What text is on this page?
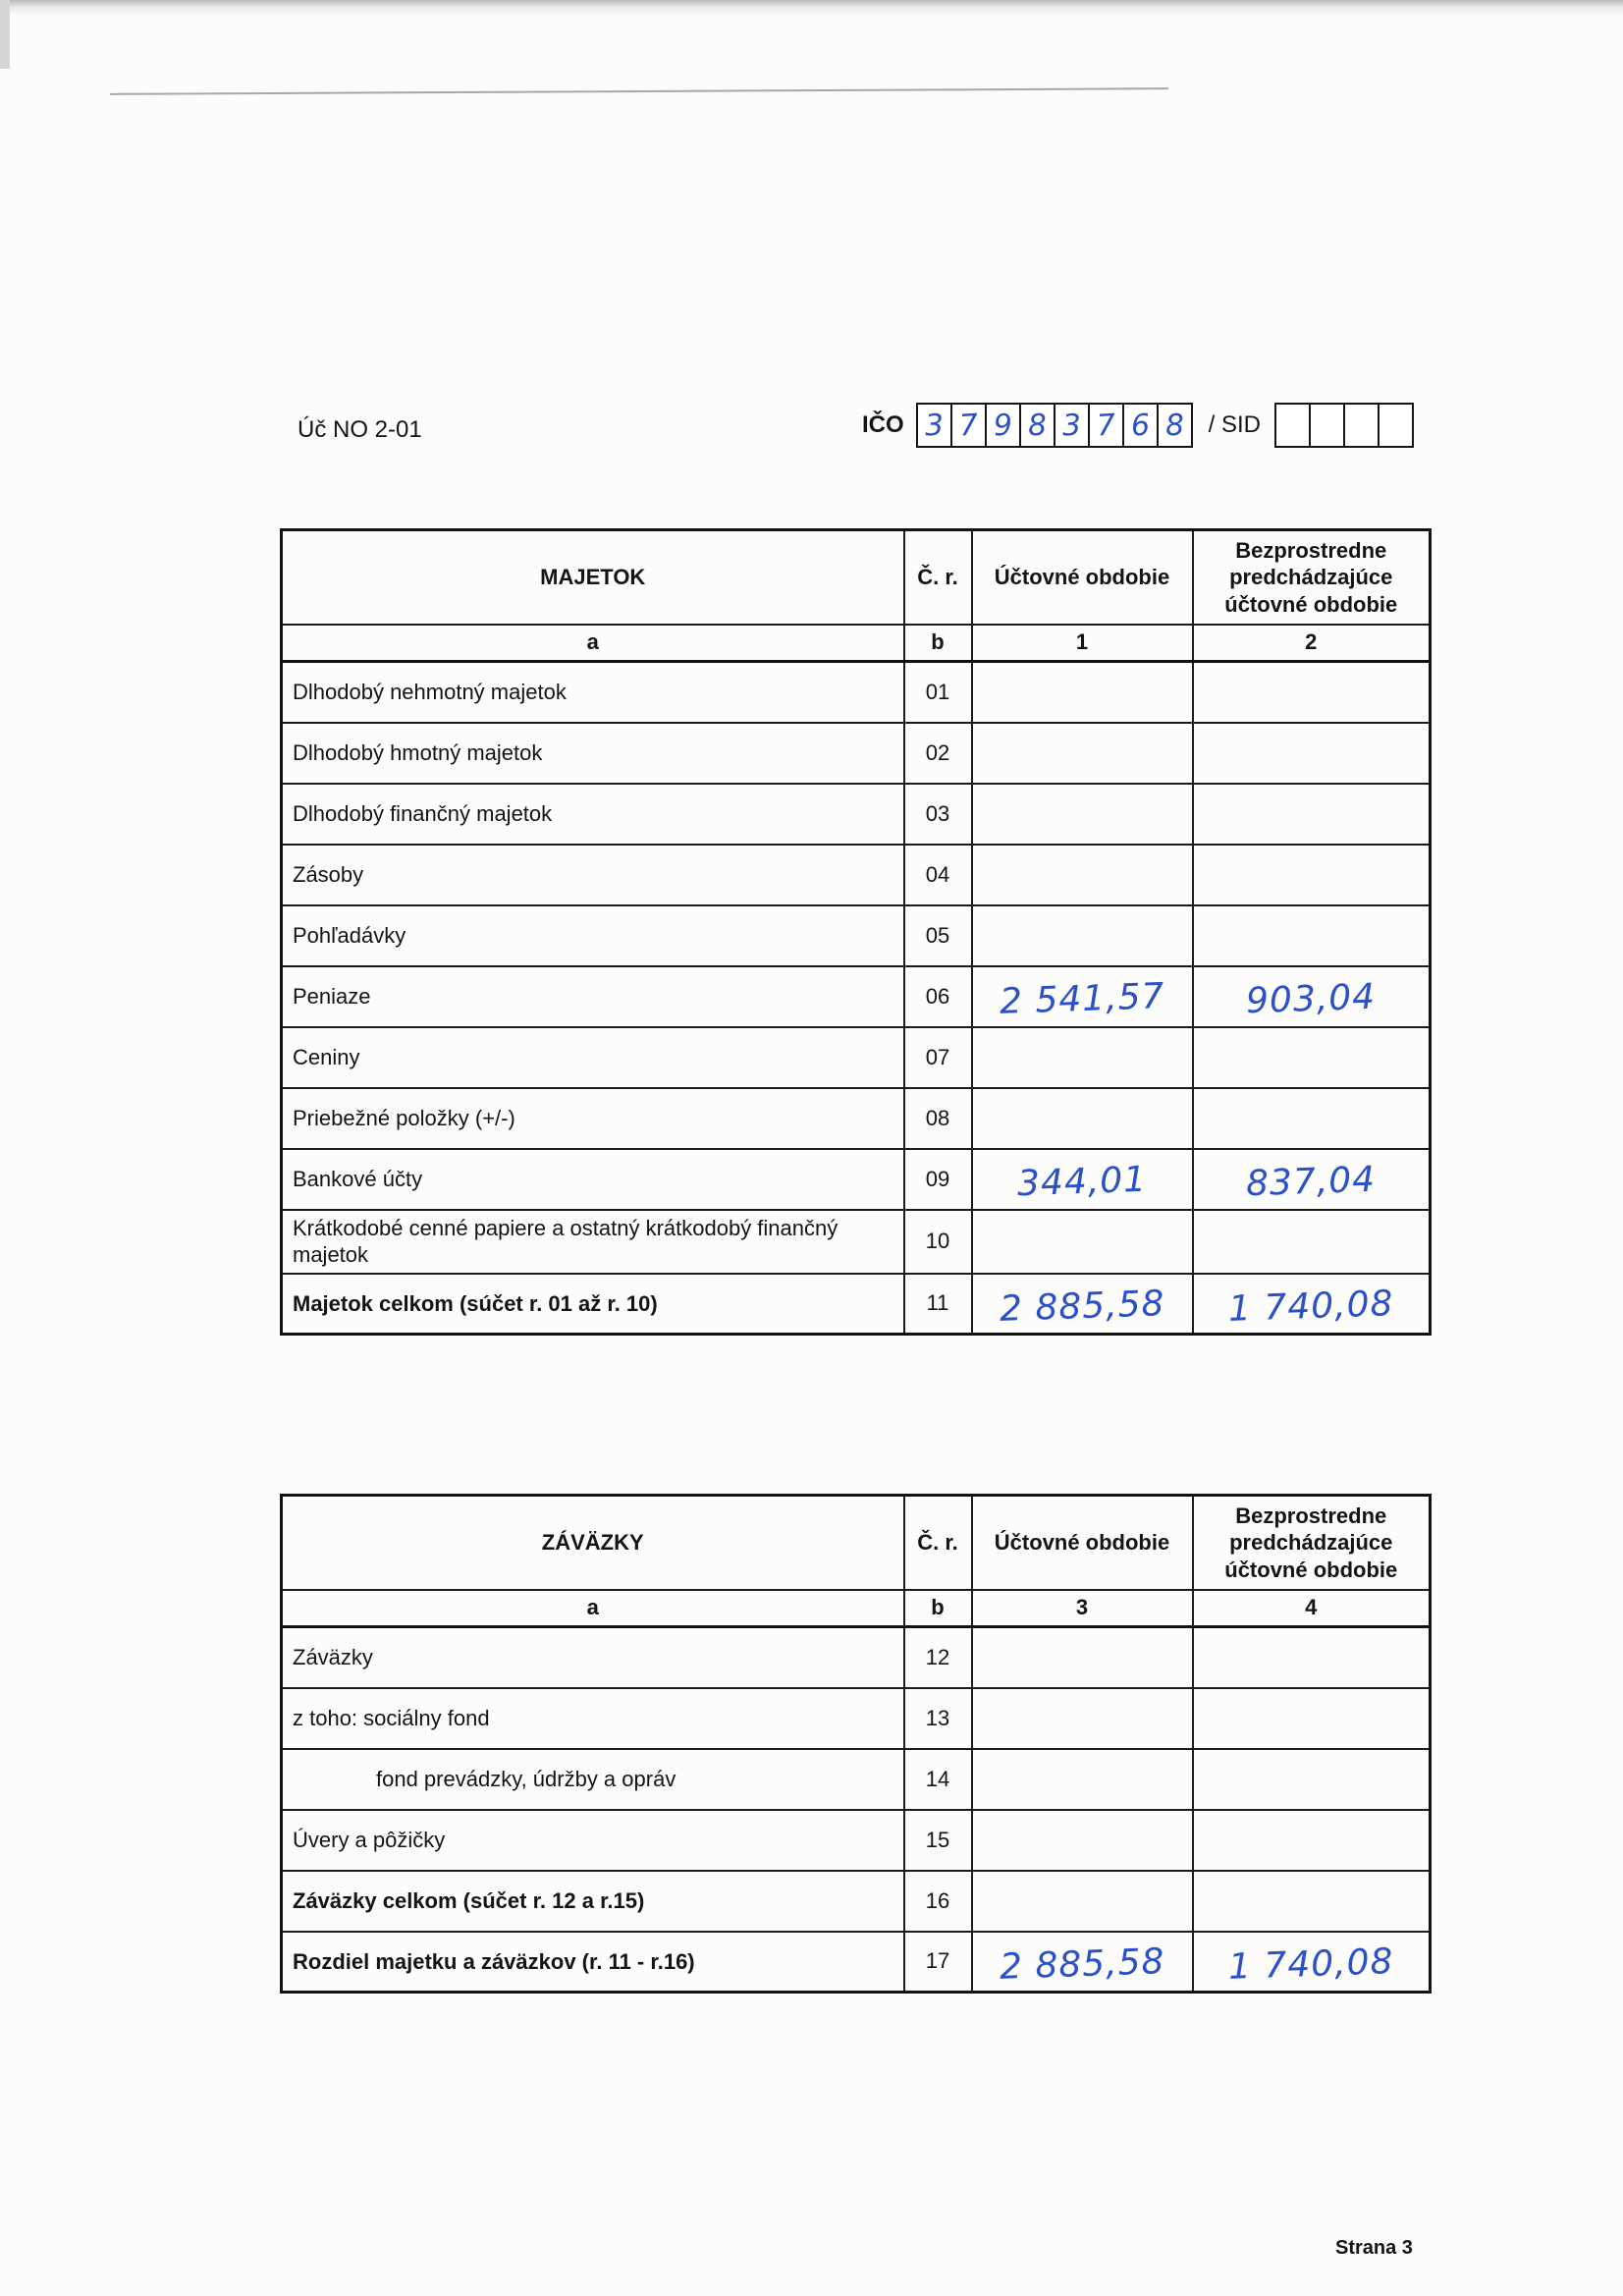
Úč NO 2-01	IČO 3 7 9 8 3 7 6 8 / SID
MAJETOK	Č. r.	Účtovné obdobie	Bezprostredne predchádzajúce účtovné obdobie
a	b	1	2
Dlhodobý nehmotný majetok	01		
Dlhodobý hmotný majetok	02		
Dlhodobý finančný majetok	03		
Zásoby	04		
Pohľadávky	05		
Peniaze	06	2 541,57	903,04
Ceniny	07		
Priebežné položky (+/-)	08		
Bankové účty	09	344,01	837,04
Krátkodobé cenné papiere a ostatný krátkodobý finančný majetok	10		
Majetok celkom (súčet r. 01 až r. 10)	11	2 885,58	1 740,08
ZÁVÄZKY	Č. r.	Účtovné obdobie	Bezprostredne predchádzajúce účtovné obdobie
a	b	3	4
Záväzky	12		
z toho: sociálny fond	13		
fond prevádzky, údržby a opráv	14		
Úvery a pôžičky	15		
Záväzky celkom (súčet r. 12 a r.15)	16		
Rozdiel majetku a záväzkov (r. 11 - r.16)	17	2 885,58	1 740,08
Strana 3
